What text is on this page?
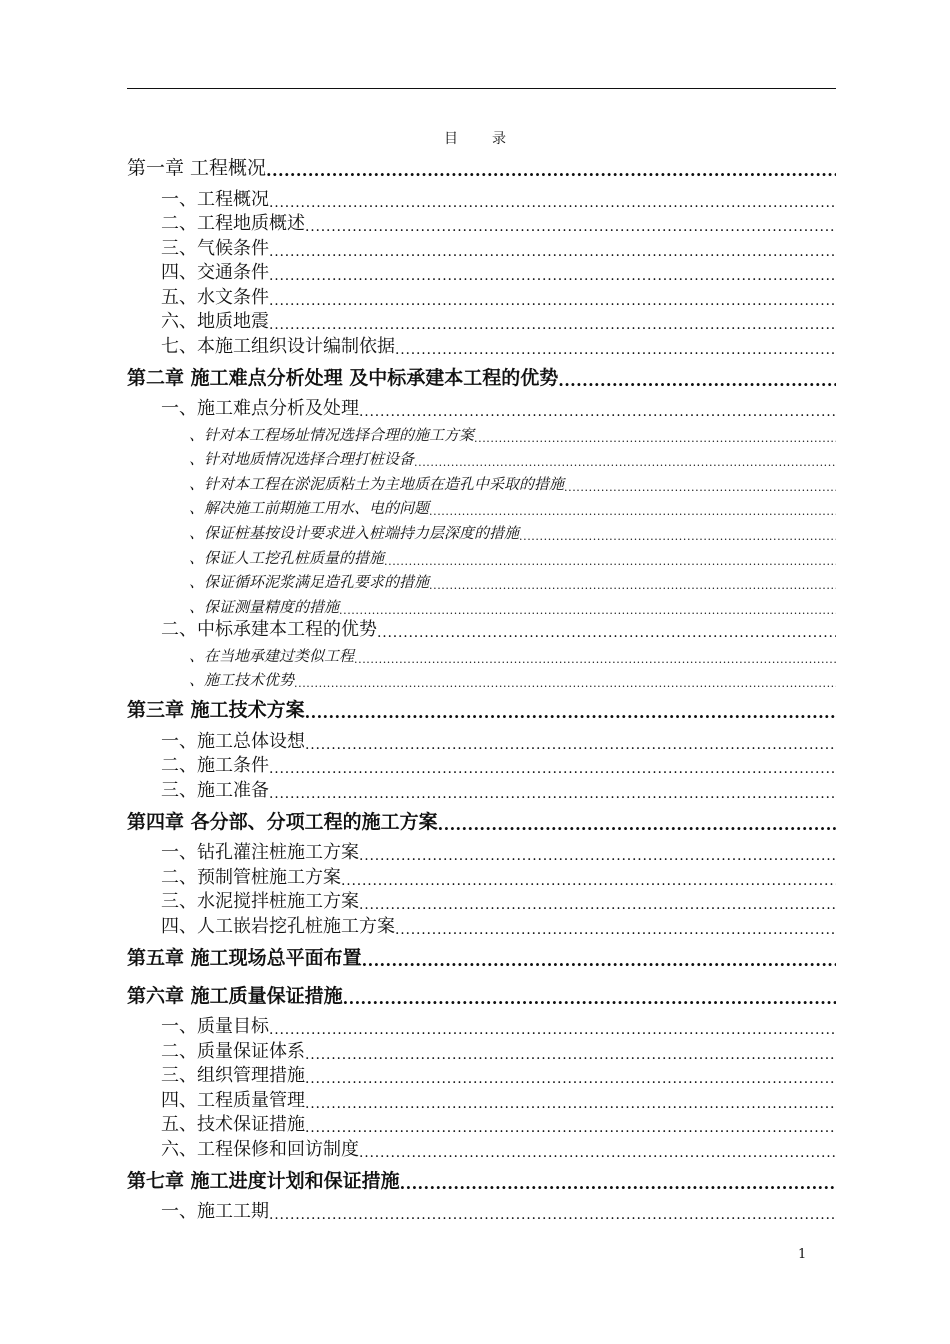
目　录
第一章 工程概况
.....
一、工程概况
.....
二、工程地质概述
.....
三、气候条件
.....
四、交通条件
.....
五、水文条件
.....
六、地质地震
.....
七、本施工组织设计编制依据
.....
第二章 施工难点分析处理 及中标承建本工程的优势
.....
一、施工难点分析及处理
.....
、针对本工程场址情况选择合理的施工方案
.....
、针对地质情况选择合理打桩设备
.....
、针对本工程在淤泥质粘土为主地质在造孔中采取的措施
.....
、解决施工前期施工用水、电的问题
.....
、保证桩基按设计要求进入桩端持力层深度的措施
.....
、保证人工挖孔桩质量的措施
.....
、保证循环泥浆满足造孔要求的措施
.....
、保证测量精度的措施
.....
二、中标承建本工程的优势
.....
、在当地承建过类似工程
.....
、施工技术优势
.....
第三章 施工技术方案
.....
一、施工总体设想
.....
二、施工条件
.....
三、施工准备
.....
第四章 各分部、分项工程的施工方案
.....
一、钻孔灌注桩施工方案
.....
二、预制管桩施工方案
.....
三、水泥搅拌桩施工方案
.....
四、人工嵌岩挖孔桩施工方案
.....
第五章 施工现场总平面布置
.....
第六章 施工质量保证措施
.....
一、质量目标
.....
二、质量保证体系
.....
三、组织管理措施
.....
四、工程质量管理
.....
五、技术保证措施
.....
六、工程保修和回访制度
.....
第七章 施工进度计划和保证措施
.....
一、施工工期
.....
1
